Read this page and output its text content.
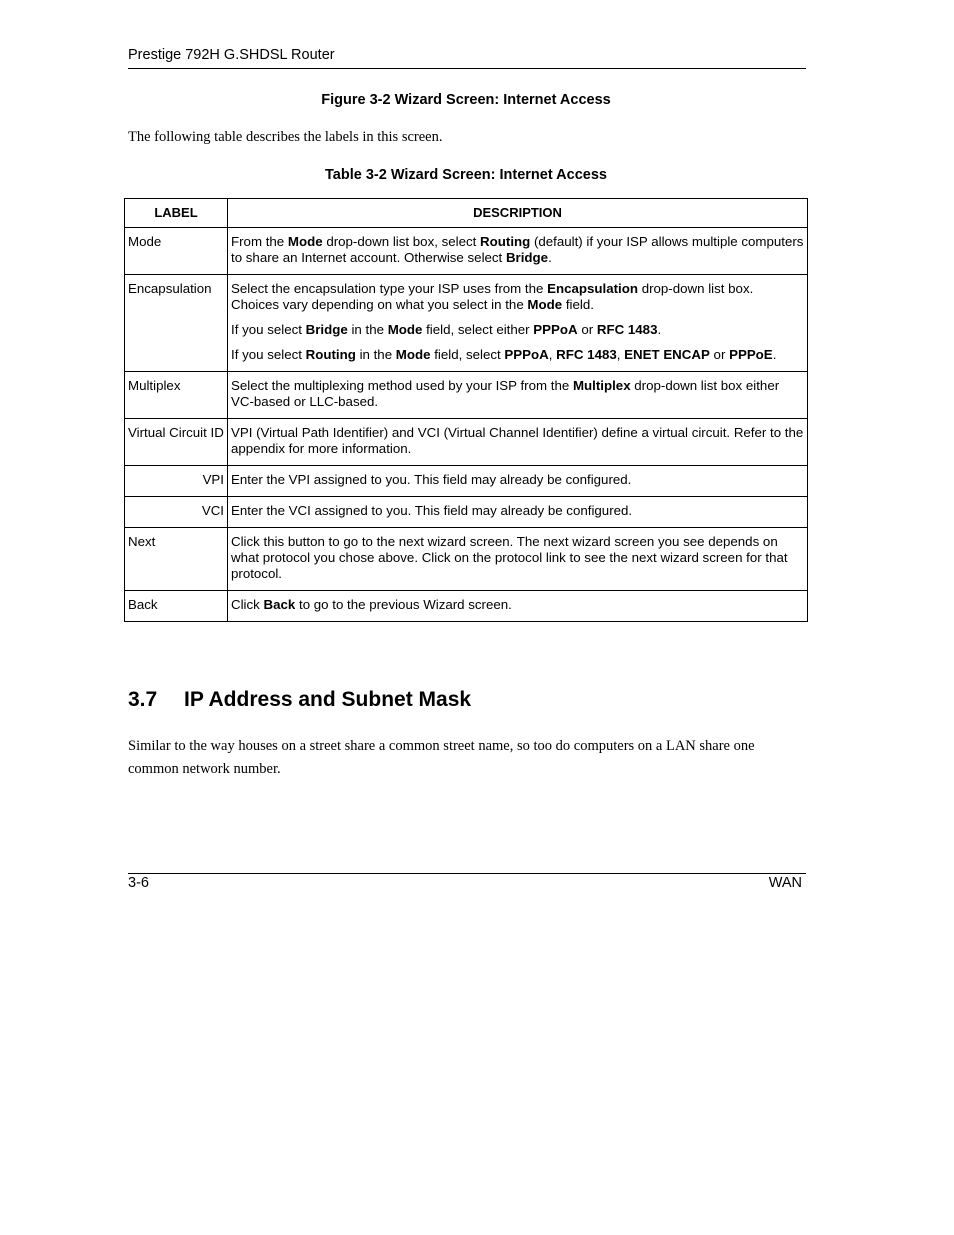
Prestige 792H G.SHDSL Router
Figure 3-2 Wizard Screen: Internet Access
The following table describes the labels in this screen.
Table 3-2 Wizard Screen: Internet Access
LABEL	DESCRIPTION
Mode	From the Mode drop-down list box, select Routing (default) if your ISP allows multiple computers to share an Internet account. Otherwise select Bridge.

Encapsulation	Select the encapsulation type your ISP uses from the Encapsulation drop-down list box. Choices vary depending on what you select in the Mode field.

If you select Bridge in the Mode field, select either PPPoA or RFC 1483.

If you select Routing in the Mode field, select PPPoA, RFC 1483, ENET ENCAP or PPPoE.

Multiplex	Select the multiplexing method used by your ISP from the Multiplex drop-down list box either VC-based or LLC-based.

Virtual Circuit ID	VPI (Virtual Path Identifier) and VCI (Virtual Channel Identifier) define a virtual circuit. Refer to the appendix for more information.

VPI	Enter the VPI assigned to you. This field may already be configured.

VCI	Enter the VCI assigned to you. This field may already be configured.

Next	Click this button to go to the next wizard screen. The next wizard screen you see depends on what protocol you chose above. Click on the protocol link to see the next wizard screen for that protocol.

Back	Click Back to go to the previous Wizard screen.

3.7 IP Address and Subnet Mask
Similar to the way houses on a street share a common street name, so too do computers on a LAN share one common network number.
3-6	WAN
